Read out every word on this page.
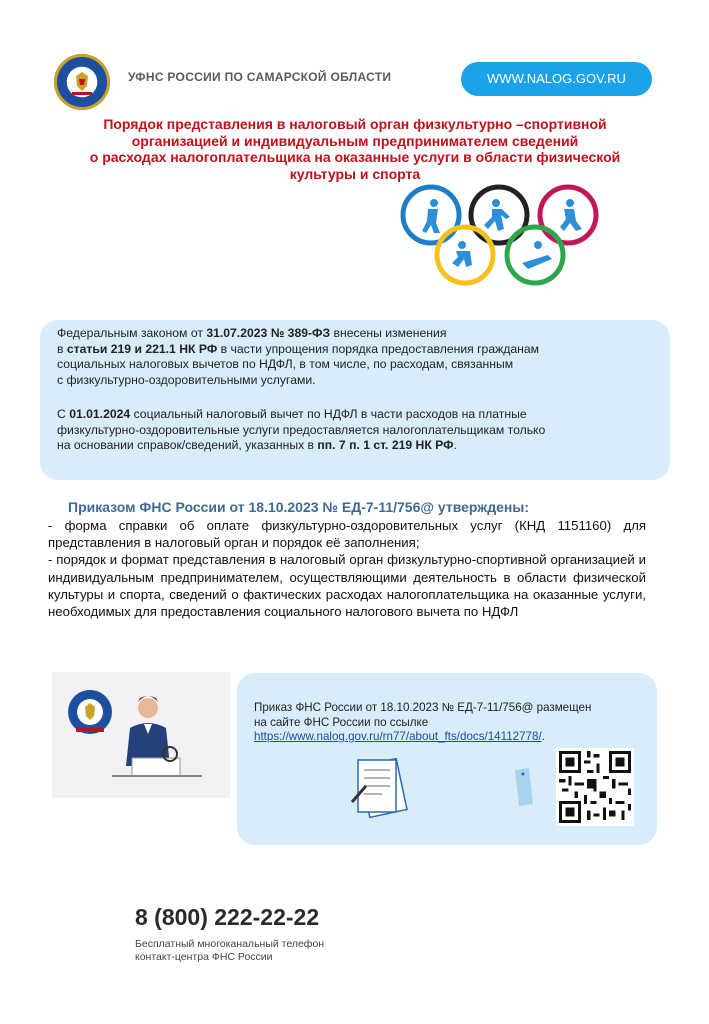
УФНС РОССИИ ПО САМАРСКОЙ ОБЛАСТИ	WWW.NALOG.GOV.RU
Порядок представления в налоговый орган физкультурно –спортивной
организацией и индивидуальным предпринимателем сведений
о расходах налогоплательщика на оказанные услуги в области физической
культуры и спорта

Федеральным законом от 31.07.2023 № 389-ФЗ внесены изменения
в статьи 219 и 221.1 НК РФ в части упрощения порядка предоставления гражданам
социальных налоговых вычетов по НДФЛ, в том числе, по расходам, связанным
с физкультурно-оздоровительными услугами.

С 01.01.2024 социальный налоговый вычет по НДФЛ в части расходов на платные
физкультурно-оздоровительные услуги предоставляется налогоплательщикам только
на основании справок/сведений, указанных в пп. 7 п. 1 ст. 219 НК РФ.

Приказом ФНС России от 18.10.2023 № ЕД-7-11/756@ утверждены:

- форма справки об оплате физкультурно-оздоровительных услуг (КНД 1151160) для представления в налоговый орган и порядок её заполнения;

- порядок и формат представления в налоговый орган физкультурно-спортивной организацией и индивидуальным предпринимателем, осуществляющими деятельность в области физической культуры и спорта, сведений о фактических расходах налогоплательщика на оказанные услуги, необходимых для предоставления социального налогового вычета по НДФЛ

Приказ ФНС России от 18.10.2023 № ЕД-7-11/756@ размещен
на сайте ФНС России по ссылке
https://www.nalog.gov.ru/rn77/about_fts/docs/14112778/.
8 (800) 222-22-22
Бесплатный многоканальный телефон
контакт-центра ФНС России
